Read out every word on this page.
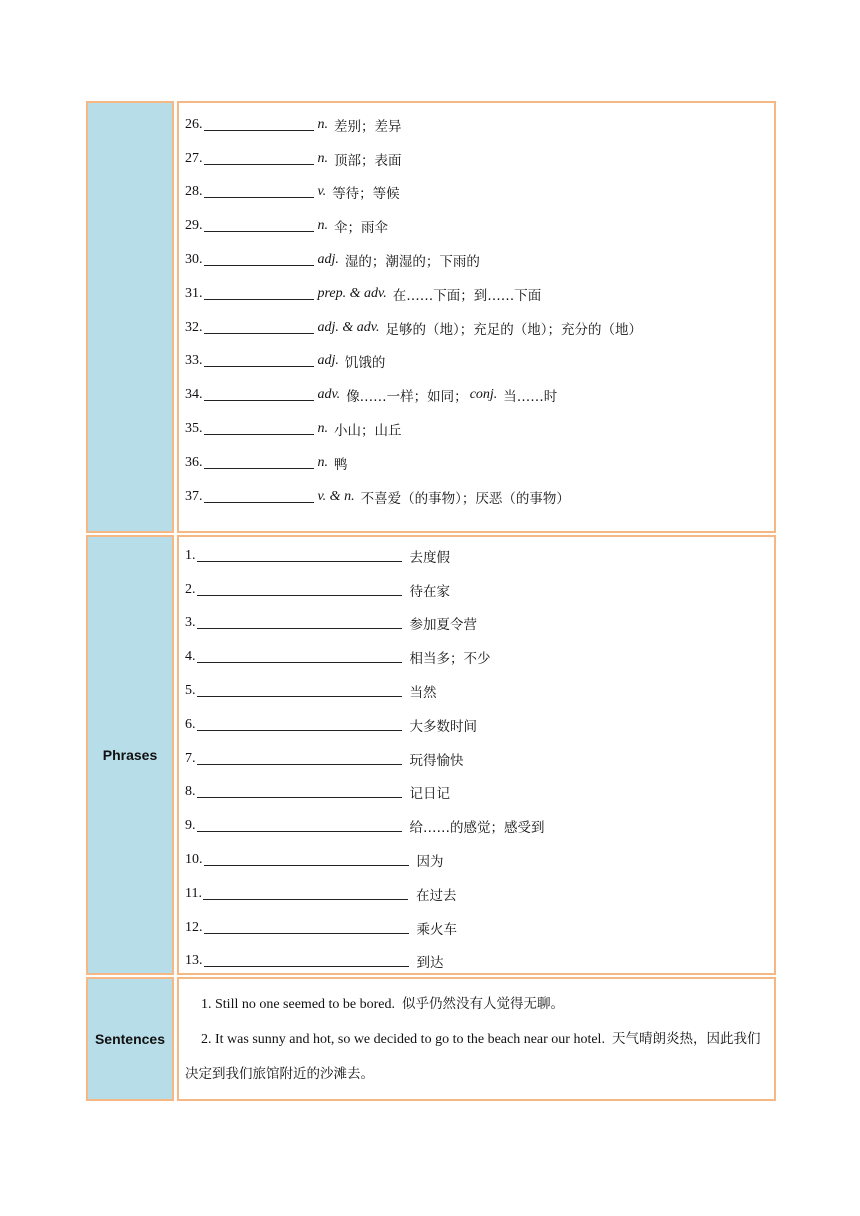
26.	n. 差别；差异
27.	n. 顶部；表面
28.	v. 等待；等候
29.	n. 伞；雨伞
30.	adj. 湿的；潮湿的；下雨的
31.	prep. & adv. 在……下面；到……下面
32.	adj. & adv. 足够的（地）；充足的（地）；充分的（地）
33.	adj. 饥饿的
34.	adv. 像……一样；如同； conj. 当……时
35.	n. 小山；山丘
36.	n. 鸭
37.	v. & n. 不喜爱（的事物）；厌恶（的事物）
Phrases
1.	去度假
2.	待在家
3.	参加夏令营
4.	相当多；不少
5.	当然
6.	大多数时间
7.	玩得愉快
8.	记日记
9.	给……的感觉；感受到
10.	因为
11.	在过去
12.	乘火车
13.	到达
Sentences
1. Still no one seemed to be bored. 似乎仍然没有人觉得无聊。
2. It was sunny and hot, so we decided to go to the beach near our hotel. 天气晴朗炎热，因此我们决定到我们旅馆附近的沙滩去。
